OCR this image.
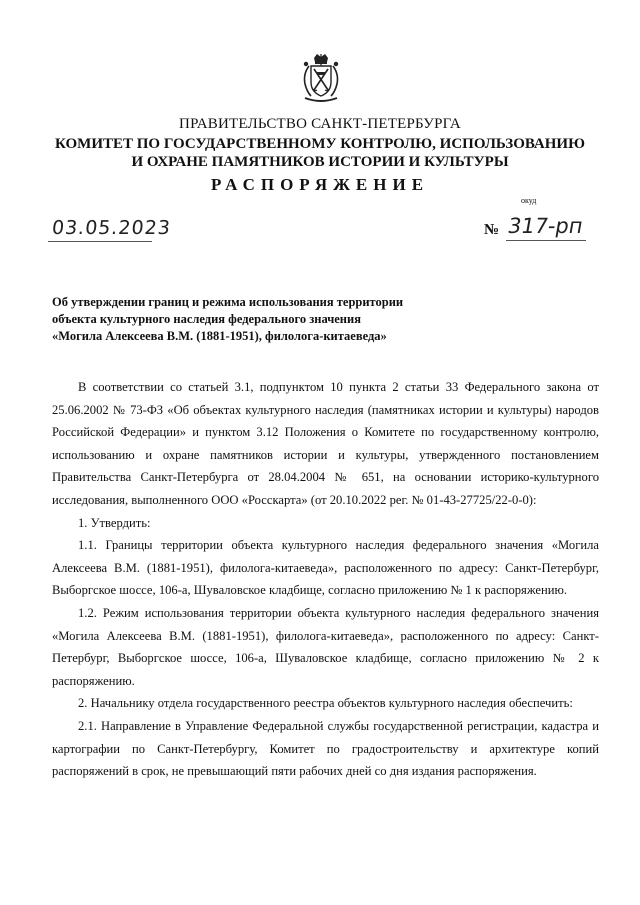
ПРАВИТЕЛЬСТВО САНКТ-ПЕТЕРБУРГА
КОМИТЕТ ПО ГОСУДАРСТВЕННОМУ КОНТРОЛЮ, ИСПОЛЬЗОВАНИЮ
И ОХРАНЕ ПАМЯТНИКОВ ИСТОРИИ И КУЛЬТУРЫ
РАСПОРЯЖЕНИЕ
окуд
03.05.2023	№ 317-рп
Об утверждении границ и режима использования территории
объекта культурного наследия федерального значения
«Могила Алексеева В.М. (1881-1951), филолога-китаеведа»

В соответствии со статьей 3.1, подпунктом 10 пункта 2 статьи 33 Федерального закона от 25.06.2002 № 73-ФЗ «Об объектах культурного наследия (памятниках истории и культуры) народов Российской Федерации» и пунктом 3.12 Положения о Комитете по государственному контролю, использованию и охране памятников истории и культуры, утвержденного постановлением Правительства Санкт-Петербурга от 28.04.2004 № 651, на основании историко-культурного исследования, выполненного ООО «Росскарта» (от 20.10.2022 рег. № 01-43-27725/22-0-0):

1. Утвердить:

1.1. Границы территории объекта культурного наследия федерального значения «Могила Алексеева В.М. (1881-1951), филолога-китаеведа», расположенного по адресу: Санкт-Петербург, Выборгское шоссе, 106-а, Шуваловское кладбище, согласно приложению № 1 к распоряжению.

1.2. Режим использования территории объекта культурного наследия федерального значения «Могила Алексеева В.М. (1881-1951), филолога-китаеведа», расположенного по адресу: Санкт-Петербург, Выборгское шоссе, 106-а, Шуваловское кладбище, согласно приложению № 2 к распоряжению.

2. Начальнику отдела государственного реестра объектов культурного наследия обеспечить:

2.1. Направление в Управление Федеральной службы государственной регистрации, кадастра и картографии по Санкт-Петербургу, Комитет по градостроительству и архитектуре копий распоряжений в срок, не превышающий пяти рабочих дней со дня издания распоряжения.
